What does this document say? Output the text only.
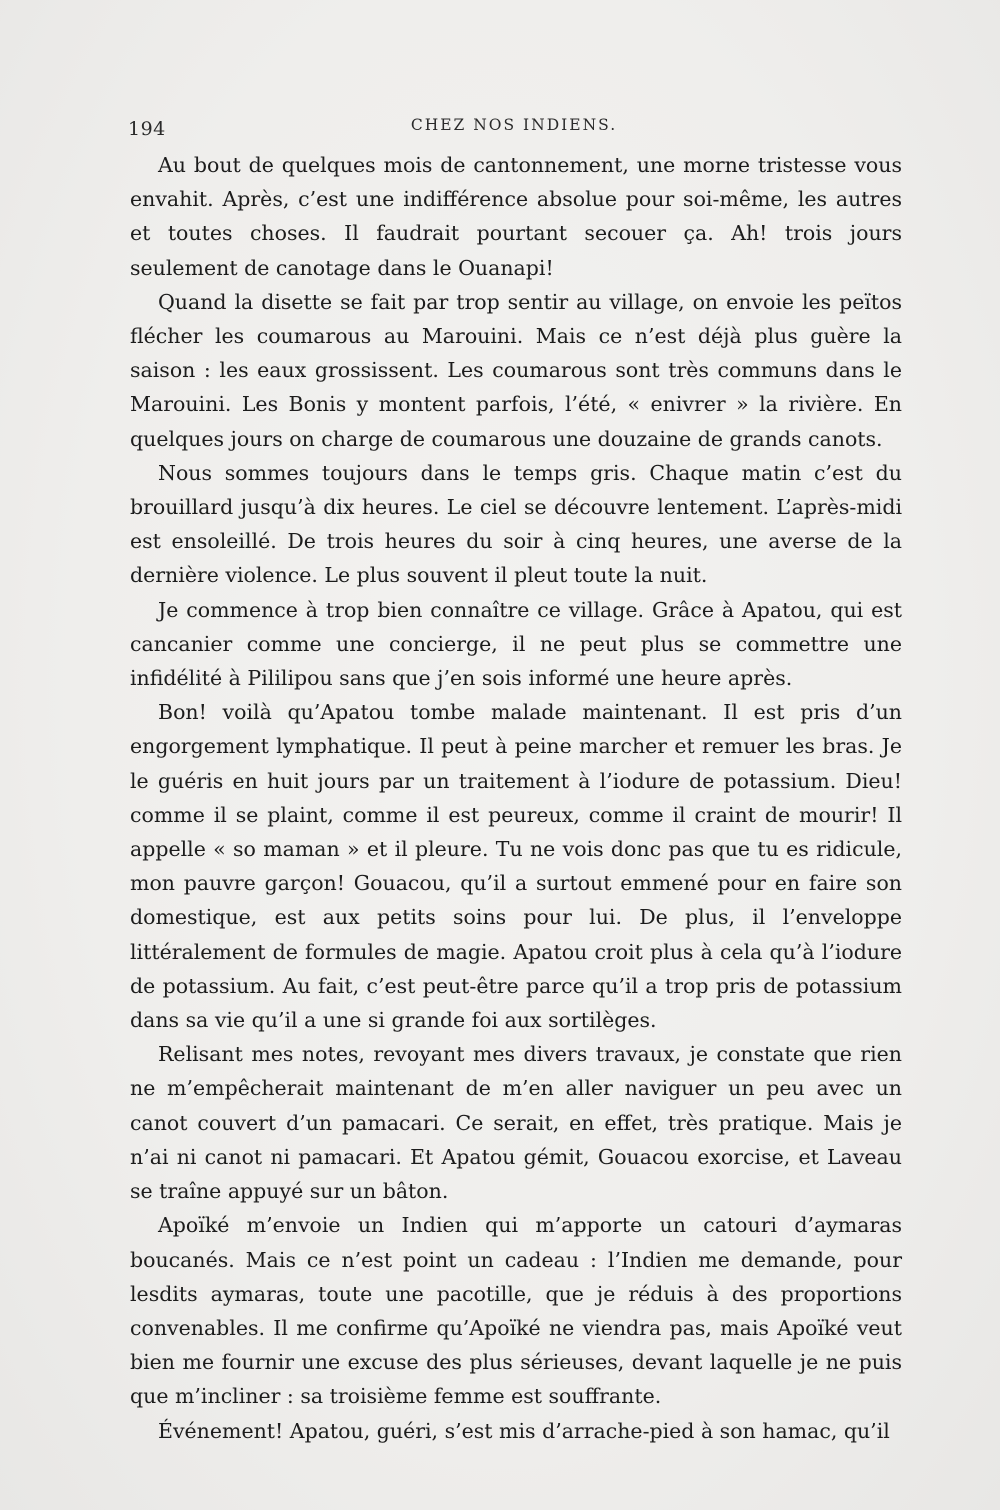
194	CHEZ NOS INDIENS.

Au bout de quelques mois de cantonnement, une morne tristesse vous envahit. Après, c’est une indifférence absolue pour soi-même, les autres et toutes choses. Il faudrait pourtant secouer ça. Ah! trois jours seulement de canotage dans le Ouanapi!

Quand la disette se fait par trop sentir au village, on envoie les peïtos flécher les coumarous au Marouini. Mais ce n’est déjà plus guère la saison : les eaux grossissent. Les coumarous sont très communs dans le Marouini. Les Bonis y montent parfois, l’été, « enivrer » la rivière. En quelques jours on charge de coumarous une douzaine de grands canots.

Nous sommes toujours dans le temps gris. Chaque matin c’est du brouillard jusqu’à dix heures. Le ciel se découvre lentement. L’après-midi est ensoleillé. De trois heures du soir à cinq heures, une averse de la dernière violence. Le plus souvent il pleut toute la nuit.

Je commence à trop bien connaître ce village. Grâce à Apatou, qui est cancanier comme une concierge, il ne peut plus se commettre une infidélité à Pililipou sans que j’en sois informé une heure après.

Bon! voilà qu’Apatou tombe malade maintenant. Il est pris d’un engorgement lymphatique. Il peut à peine marcher et remuer les bras. Je le guéris en huit jours par un traitement à l’iodure de potassium. Dieu! comme il se plaint, comme il est peureux, comme il craint de mourir! Il appelle « so maman » et il pleure. Tu ne vois donc pas que tu es ridicule, mon pauvre garçon! Gouacou, qu’il a surtout emmené pour en faire son domestique, est aux petits soins pour lui. De plus, il l’enveloppe littéralement de formules de magie. Apatou croit plus à cela qu’à l’iodure de potassium. Au fait, c’est peut-être parce qu’il a trop pris de potassium dans sa vie qu’il a une si grande foi aux sortilèges.

Relisant mes notes, revoyant mes divers travaux, je constate que rien ne m’empêcherait maintenant de m’en aller naviguer un peu avec un canot couvert d’un pamacari. Ce serait, en effet, très pratique. Mais je n’ai ni canot ni pamacari. Et Apatou gémit, Gouacou exorcise, et Laveau se traîne appuyé sur un bâton.

Apoïké m’envoie un Indien qui m’apporte un catouri d’aymaras boucanés. Mais ce n’est point un cadeau : l’Indien me demande, pour lesdits aymaras, toute une pacotille, que je réduis à des proportions convenables. Il me confirme qu’Apoïké ne viendra pas, mais Apoïké veut bien me fournir une excuse des plus sérieuses, devant laquelle je ne puis que m’incliner : sa troisième femme est souffrante.

Événement! Apatou, guéri, s’est mis d’arrache-pied à son hamac, qu’il
